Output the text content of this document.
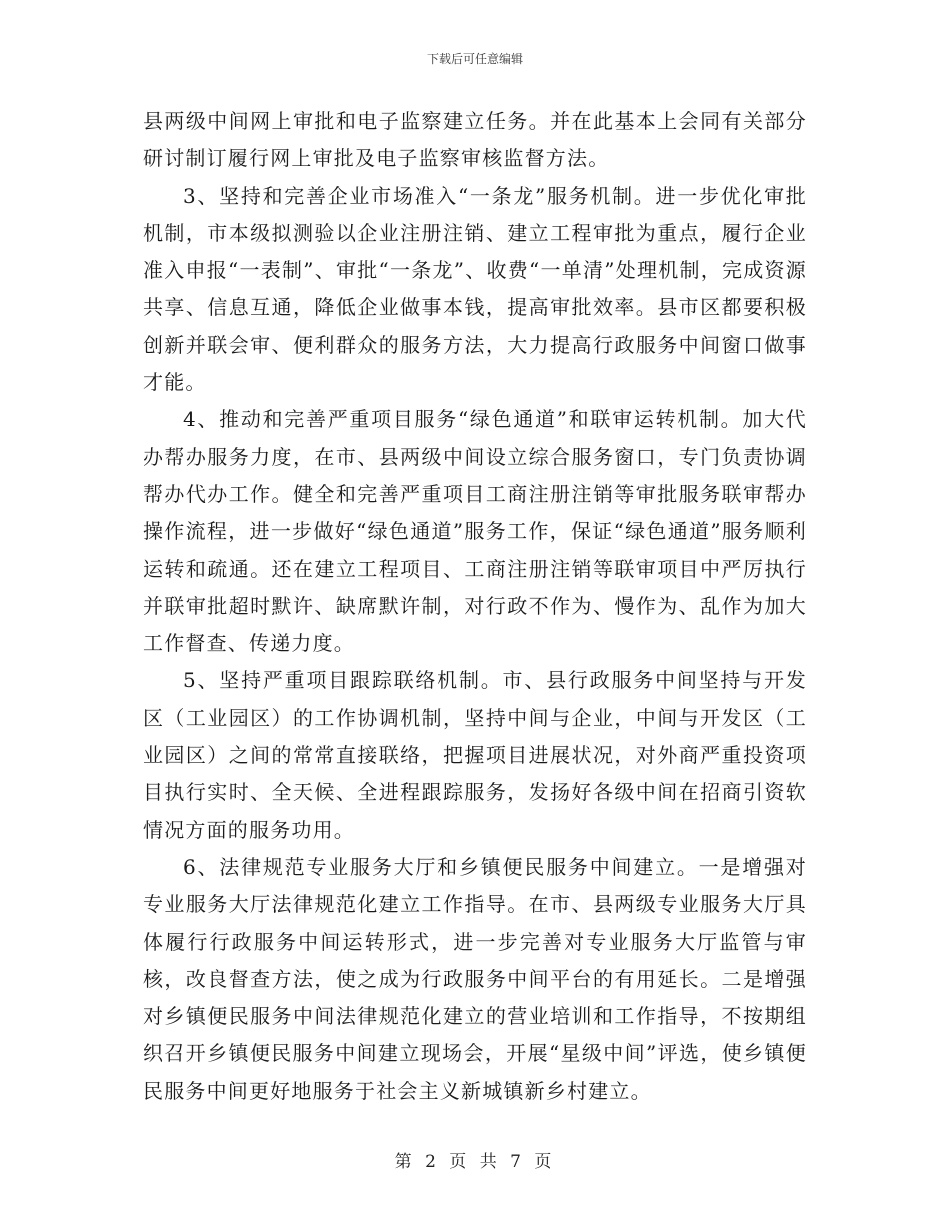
下载后可任意编辑

县两级中间网上审批和电子监察建立任务。并在此基本上会同有关部分研讨制订履行网上审批及电子监察审核监督方法。

3、坚持和完善企业市场准入“一条龙”服务机制。进一步优化审批机制，市本级拟测验以企业注册注销、建立工程审批为重点，履行企业准入申报“一表制”、审批“一条龙”、收费“一单清”处理机制，完成资源共享、信息互通，降低企业做事本钱，提高审批效率。县市区都要积极创新并联会审、便利群众的服务方法，大力提高行政服务中间窗口做事才能。

4、推动和完善严重项目服务“绿色通道”和联审运转机制。加大代办帮办服务力度，在市、县两级中间设立综合服务窗口，专门负责协调帮办代办工作。健全和完善严重项目工商注册注销等审批服务联审帮办操作流程，进一步做好“绿色通道”服务工作，保证“绿色通道”服务顺利运转和疏通。还在建立工程项目、工商注册注销等联审项目中严厉执行并联审批超时默许、缺席默许制，对行政不作为、慢作为、乱作为加大工作督查、传递力度。

5、坚持严重项目跟踪联络机制。市、县行政服务中间坚持与开发区（工业园区）的工作协调机制，坚持中间与企业，中间与开发区（工业园区）之间的常常直接联络，把握项目进展状况，对外商严重投资项目执行实时、全天候、全进程跟踪服务，发扬好各级中间在招商引资软情况方面的服务功用。

6、法律规范专业服务大厅和乡镇便民服务中间建立。一是增强对专业服务大厅法律规范化建立工作指导。在市、县两级专业服务大厅具体履行行政服务中间运转形式，进一步完善对专业服务大厅监管与审核，改良督查方法，使之成为行政服务中间平台的有用延长。二是增强对乡镇便民服务中间法律规范化建立的营业培训和工作指导，不按期组织召开乡镇便民服务中间建立现场会，开展“星级中间”评选，使乡镇便民服务中间更好地服务于社会主义新城镇新乡村建立。

第 2 页 共 7 页
